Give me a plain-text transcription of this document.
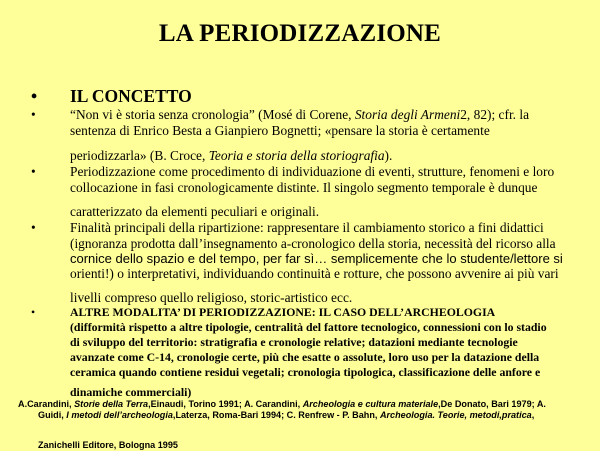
LA PERIODIZZAZIONE
• IL CONCETTO
•	“Non vi è storia senza cronologia” (Mosé di Corene, Storia degli Armeni2, 82); cfr. la
sentenza di Enrico Besta a Gianpiero Bognetti; «pensare la storia è certamente
periodizzarla» (B. Croce, Teoria e storia della storiografia).
•	Periodizzazione come procedimento di individuazione di eventi, strutture, fenomeni e loro
collocazione in fasi cronologicamente distinte. Il singolo segmento temporale è dunque
caratterizzato da elementi peculiari e originali.
•	Finalità principali della ripartizione: rappresentare il cambiamento storico a fini didattici
(ignoranza prodotta dall’insegnamento a-cronologico della storia, necessità del ricorso alla
cornice dello spazio e del tempo, per far sì… semplicemente che lo studente/lettore si
orienti!) o interpretativi, individuando continuità e rotture, che possono avvenire ai più vari
livelli compreso quello religioso, storic-artistico ecc.
•	ALTRE MODALITA’ DI PERIODIZZAZIONE: IL CASO DELL’ARCHEOLOGIA
(difformità rispetto a altre tipologie, centralità del fattore tecnologico, connessioni con lo stadio
di sviluppo del territorio: stratigrafia e cronologie relative; datazioni mediante tecnologie
avanzate come C-14, cronologie certe, più che esatte o assolute, loro uso per la datazione della
ceramica quando contiene residui vegetali; cronologia tipologica, classificazione delle anfore e
dinamiche commerciali)
A.Carandini, Storie della Terra,Einaudi, Torino 1991; A. Carandini, Archeologia e cultura materiale,De Donato, Bari 1979; A.
Guidi, I metodi dell’archeologia,Laterza, Roma-Bari 1994; C. Renfrew - P. Bahn, Archeologia. Teorie, metodi,pratica,
Zanichelli Editore, Bologna 1995
